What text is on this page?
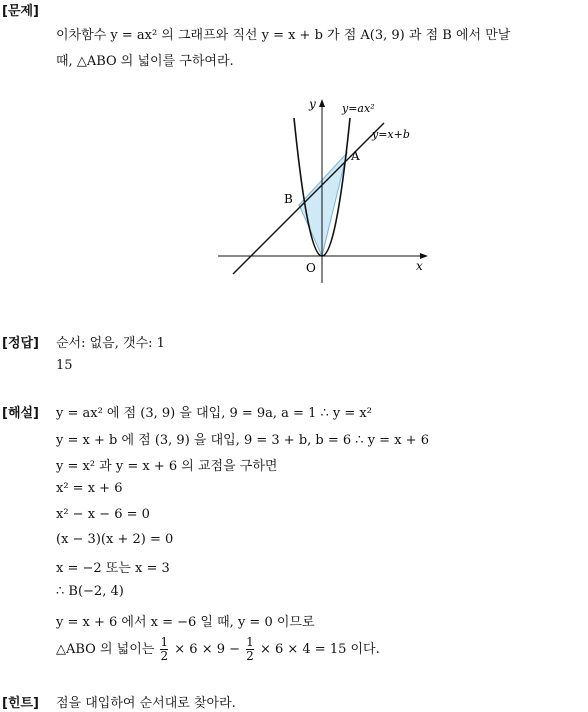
[문제]
이차함수 y = ax² 의 그래프와 직선 y = x + b 가 점 A(3, 9) 과 점 B 에서 만날
때, △ABO 의 넓이를 구하여라.
y
x
O
A
B
y=ax²
y=x+b
[정답] 순서: 없음, 갯수: 1
15
[해설] y = ax² 에 점 (3, 9) 을 대입, 9 = 9a, a = 1 ∴ y = x²
y = x + b 에 점 (3, 9) 을 대입, 9 = 3 + b, b = 6 ∴ y = x + 6
y = x² 과 y = x + 6 의 교점을 구하면
x² = x + 6
x² − x − 6 = 0
(x − 3)(x + 2) = 0
x = −2 또는 x = 3
∴ B(−2, 4)
y = x + 6 에서 x = −6 일 때, y = 0 이므로
△ABO 의 넓이는 $\frac{1}{2} \times 6 \times 9 - \frac{1}{2} \times 6 \times 4 = 15$ 이다.
[힌트] 점을 대입하여 순서대로 찾아라.
